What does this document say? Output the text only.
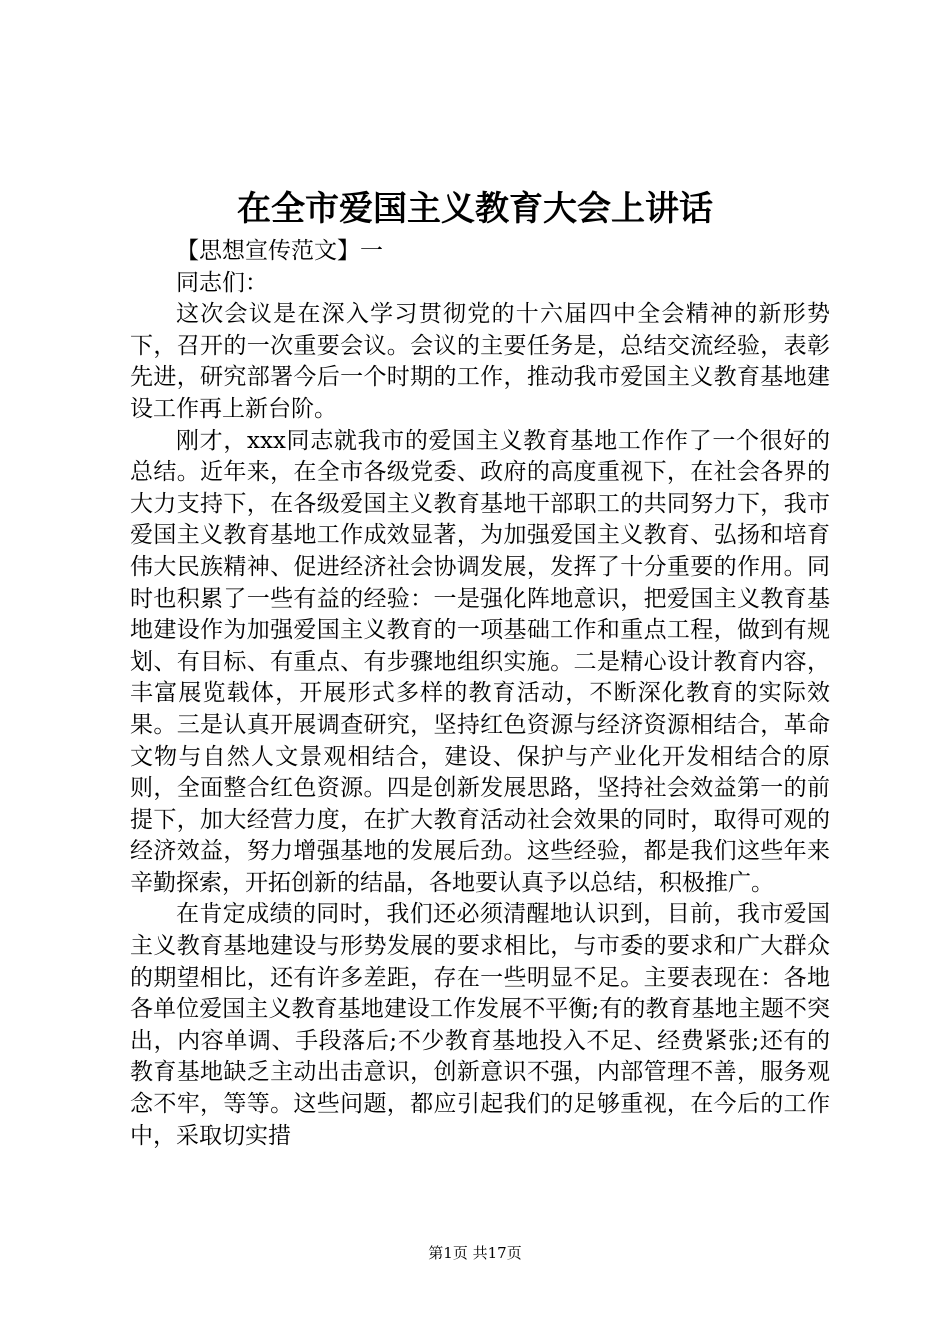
在全市爱国主义教育大会上讲话

【思想宣传范文】一

同志们：

这次会议是在深入学习贯彻党的十六届四中全会精神的新形势下，召开的一次重要会议。会议的主要任务是，总结交流经验，表彰先进，研究部署今后一个时期的工作，推动我市爱国主义教育基地建设工作再上新台阶。

刚才，xxx同志就我市的爱国主义教育基地工作作了一个很好的总结。近年来，在全市各级党委、政府的高度重视下，在社会各界的大力支持下，在各级爱国主义教育基地干部职工的共同努力下，我市爱国主义教育基地工作成效显著，为加强爱国主义教育、弘扬和培育伟大民族精神、促进经济社会协调发展，发挥了十分重要的作用。同时也积累了一些有益的经验：一是强化阵地意识，把爱国主义教育基地建设作为加强爱国主义教育的一项基础工作和重点工程，做到有规划、有目标、有重点、有步骤地组织实施。二是精心设计教育内容，丰富展览载体，开展形式多样的教育活动，不断深化教育的实际效果。三是认真开展调查研究，坚持红色资源与经济资源相结合，革命文物与自然人文景观相结合，建设、保护与产业化开发相结合的原则，全面整合红色资源。四是创新发展思路，坚持社会效益第一的前提下，加大经营力度，在扩大教育活动社会效果的同时，取得可观的经济效益，努力增强基地的发展后劲。这些经验，都是我们这些年来辛勤探索，开拓创新的结晶，各地要认真予以总结，积极推广。

在肯定成绩的同时，我们还必须清醒地认识到，目前，我市爱国主义教育基地建设与形势发展的要求相比，与市委的要求和广大群众的期望相比，还有许多差距，存在一些明显不足。主要表现在：各地各单位爱国主义教育基地建设工作发展不平衡;有的教育基地主题不突出，内容单调、手段落后;不少教育基地投入不足、经费紧张;还有的教育基地缺乏主动出击意识，创新意识不强，内部管理不善，服务观念不牢，等等。这些问题，都应引起我们的足够重视，在今后的工作中，采取切实措

第1页 共17页
